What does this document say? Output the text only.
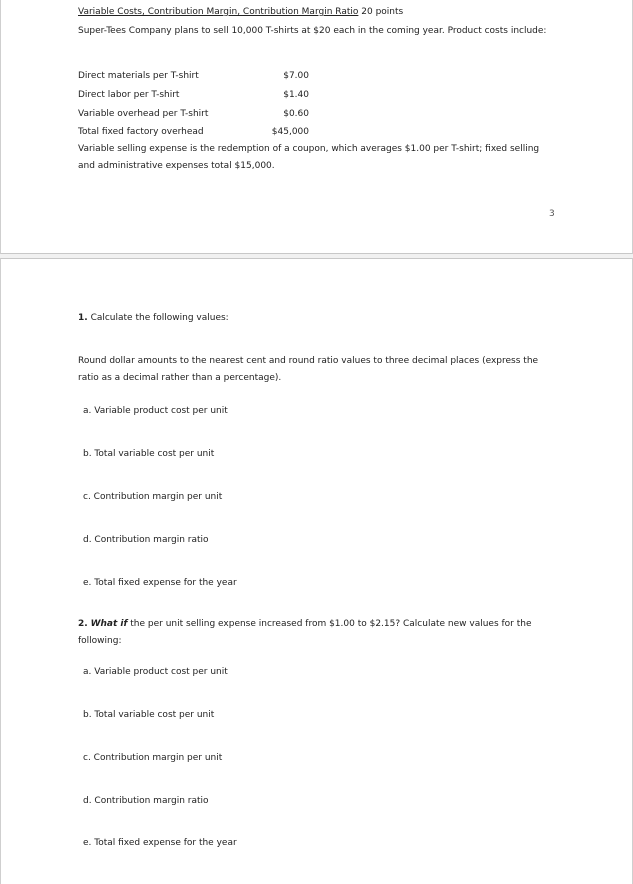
Variable Costs, Contribution Margin, Contribution Margin Ratio 20 points
Super-Tees Company plans to sell 10,000 T-shirts at $20 each in the coming year. Product costs include:
Direct materials per T-shirt	$7.00
Direct labor per T-shirt	$1.40
Variable overhead per T-shirt	$0.60
Total fixed factory overhead	$45,000
Variable selling expense is the redemption of a coupon, which averages $1.00 per T-shirt; fixed selling and administrative expenses total $15,000.
3
1. Calculate the following values:
Round dollar amounts to the nearest cent and round ratio values to three decimal places (express the ratio as a decimal rather than a percentage).
a. Variable product cost per unit
b. Total variable cost per unit
c. Contribution margin per unit
d. Contribution margin ratio
e. Total fixed expense for the year
2. What if the per unit selling expense increased from $1.00 to $2.15? Calculate new values for the following:
a. Variable product cost per unit
b. Total variable cost per unit
c. Contribution margin per unit
d. Contribution margin ratio
e. Total fixed expense for the year
